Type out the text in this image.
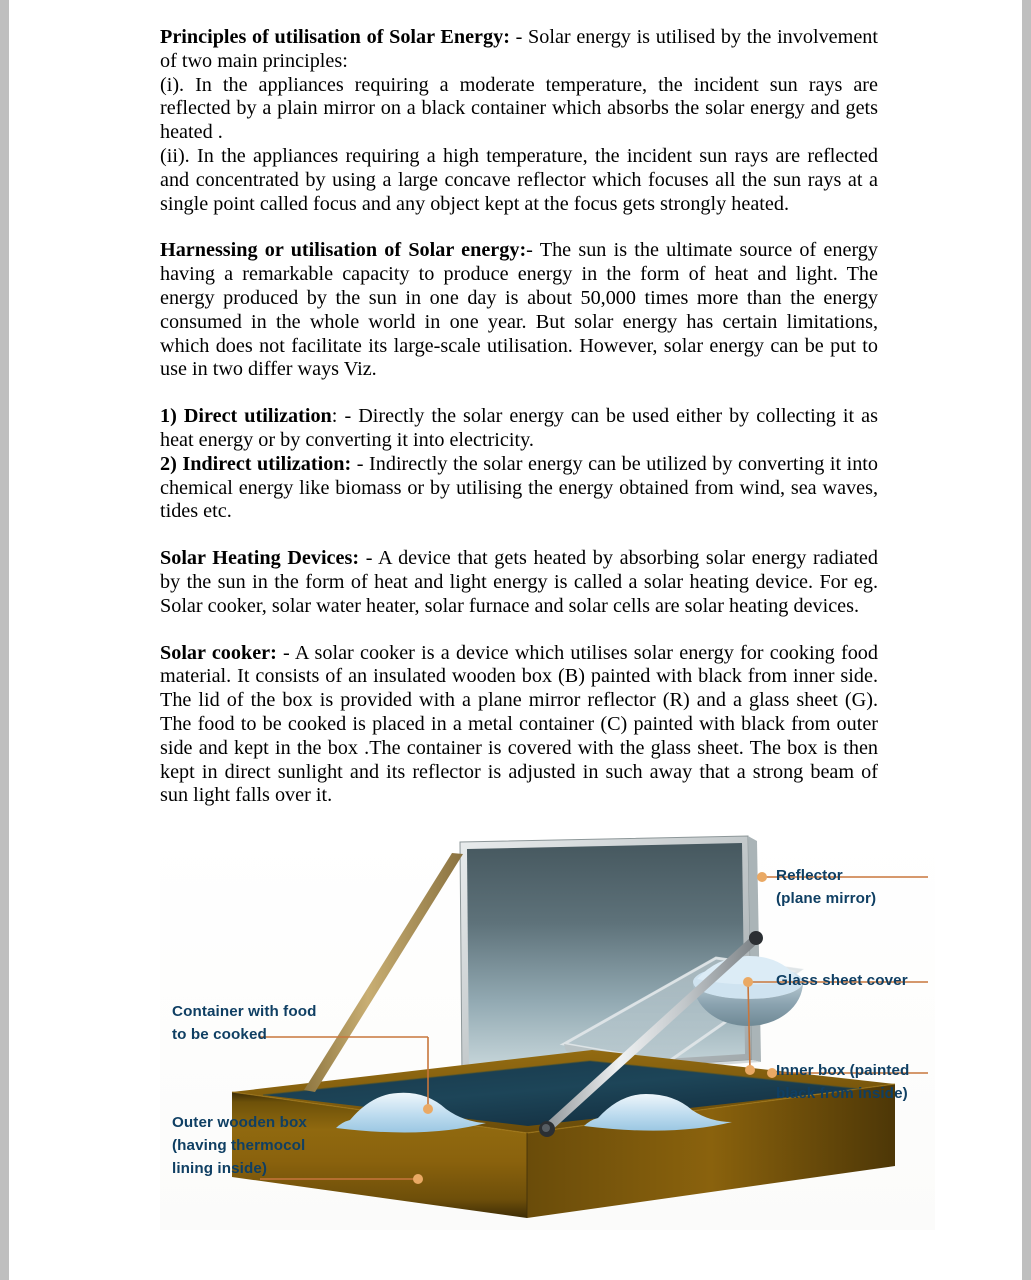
Principles of utilisation of Solar Energy: - Solar energy is utilised by the involvement of two main principles:

(i). In the appliances requiring a moderate temperature, the incident sun rays are reflected by a plain mirror on a black container which absorbs the solar energy and gets heated .

(ii). In the appliances requiring a high temperature, the incident sun rays are reflected and concentrated by using a large concave reflector which focuses all the sun rays at a single point called focus and any object kept at the focus gets strongly heated.

Harnessing or utilisation of Solar energy:- The sun is the ultimate source of energy having a remarkable capacity to produce energy in the form of heat and light. The energy produced by the sun in one day is about 50,000 times more than the energy consumed in the whole world in one year. But solar energy has certain limitations, which does not facilitate its large-scale utilisation. However, solar energy can be put to use in two differ ways Viz.

1) Direct utilization: - Directly the solar energy can be used either by collecting it as heat energy or by converting it into electricity.

2) Indirect utilization: - Indirectly the solar energy can be utilized by converting it into chemical energy like biomass or by utilising the energy obtained from wind, sea waves, tides etc.

Solar Heating Devices: - A device that gets heated by absorbing solar energy radiated by the sun in the form of heat and light energy is called a solar heating device. For eg. Solar cooker, solar water heater, solar furnace and solar cells are solar heating devices.

Solar cooker: - A solar cooker is a device which utilises solar energy for cooking food material. It consists of an insulated wooden box (B) painted with black from inner side. The lid of the box is provided with a plane mirror reflector (R) and a glass sheet (G). The food to be cooked is placed in a metal container (C) painted with black from outer side and kept in the box .The container is covered with the glass sheet. The box is then kept in direct sunlight and its reflector is adjusted in such away that a strong beam of sun light falls over it.

Reflector
(plane mirror)
Glass sheet cover
Inner box (painted
black from inside)
Container with food
to be cooked
Outer wooden box
(having thermocol
lining inside)
